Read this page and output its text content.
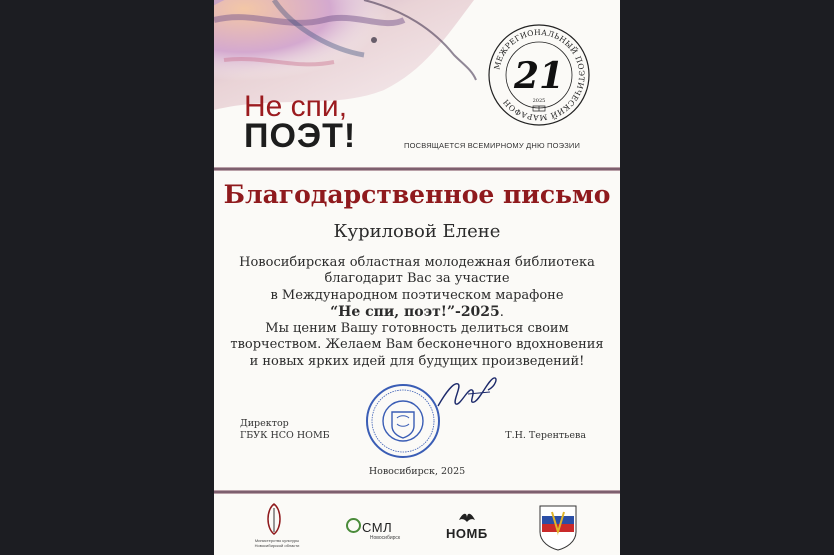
Не спи,
ПОЭТ!	ПОСВЯЩАЕТСЯ ВСЕМИРНОМУ ДНЮ ПОЭЗИИ
МЕЖРЕГИОНАЛЬНЫЙ ПОЭТИЧЕСКИЙ МАРАФОН
21
2025
Благодарственное письмо
Куриловой Елене
Новосибирская областная молодежная библиотека
благодарит Вас за участие
в Международном поэтическом марафоне
“Не спи, поэт!”-2025.
Мы ценим Вашу готовность делиться своим
творчеством. Желаем Вам бесконечного вдохновения
и новых ярких идей для будущих произведений!
Директор
ГБУК НСО НОМБ	Т.Н. Терентьева
Новосибирск, 2025
Министерство культуры
Новосибирской области
СМЛ
Новосибирск	НОМБ	СОЮЗ
ПИСАТЕЛЕЙ
РОССИИ
